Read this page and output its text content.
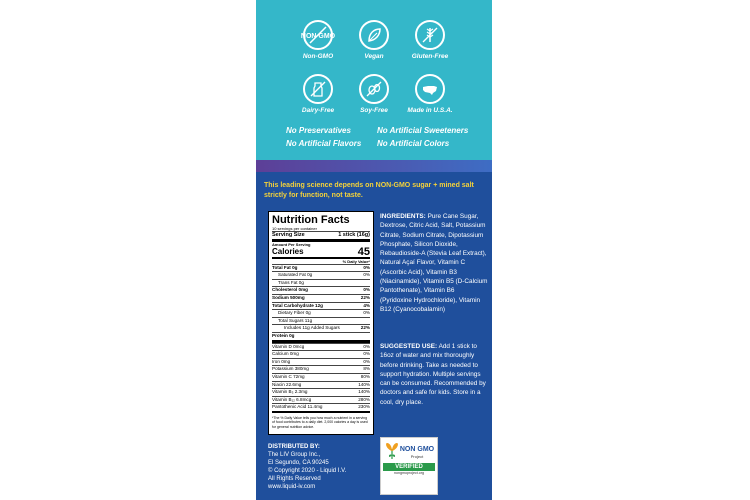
NON GMO
Non-GMO	Vegan	Gluten-Free
Dairy-Free	Soy-Free	Made in U.S.A.
No Preservatives
No Artificial Flavors
No Artificial Sweeteners
No Artificial Colors
This leading science depends on NON-GMO sugar + mined salt strictly for function, not taste.
Nutrition Facts
10 servings per container
Serving Size	1 stick (16g)
Amount Per Serving
Calories	45
% Daily Value*
Total Fat 0g	0%
Saturated Fat 0g	0%
Trans Fat 0g
Cholesterol 0mg	0%
Sodium 500mg	22%
Total Carbohydrate 12g	4%
Dietary Fiber 0g	0%
Total Sugars 11g
Includes 11g Added Sugars	22%
Protein 0g
Vitamin D 0mcg	0%
Calcium 0mg	0%
Iron 0mg	0%
Potassium 380mg	8%
Vitamin C 72mg	80%
Niacin 22.6mg	140%
Vitamin B₃ 2.3mg	140%
Vitamin B₁₂ 6.8mcg	280%
Pantothenic Acid 11.4mg	230%
*The % Daily Value tells you how much a nutrient in a serving of food contributes to a daily diet. 2,000 calories a day is used for general nutrition advice.
INGREDIENTS: Pure Cane Sugar, Dextrose, Citric Acid, Salt, Potassium Citrate, Sodium Citrate, Dipotassium Phosphate, Silicon Dioxide, Rebaudioside-A (Stevia Leaf Extract), Natural Açaí Flavor, Vitamin C (Ascorbic Acid), Vitamin B3 (Niacinamide), Vitamin B5 (D-Calcium Pantothenate), Vitamin B6 (Pyridoxine Hydrochloride), Vitamin B12 (Cyanocobalamin)
SUGGESTED USE: Add 1 stick to 16oz of water and mix thoroughly before drinking. Take as needed to support hydration. Multiple servings can be consumed. Recommended by doctors and safe for kids. Store in a cool, dry place.
DISTRIBUTED BY:
The LIV Group Inc.,
El Segundo, CA 90245
© Copyright 2020 - Liquid I.V.
All Rights Reserved
www.liquid-iv.com
NON GMO
Project
VERIFIED
nongmoproject.org
